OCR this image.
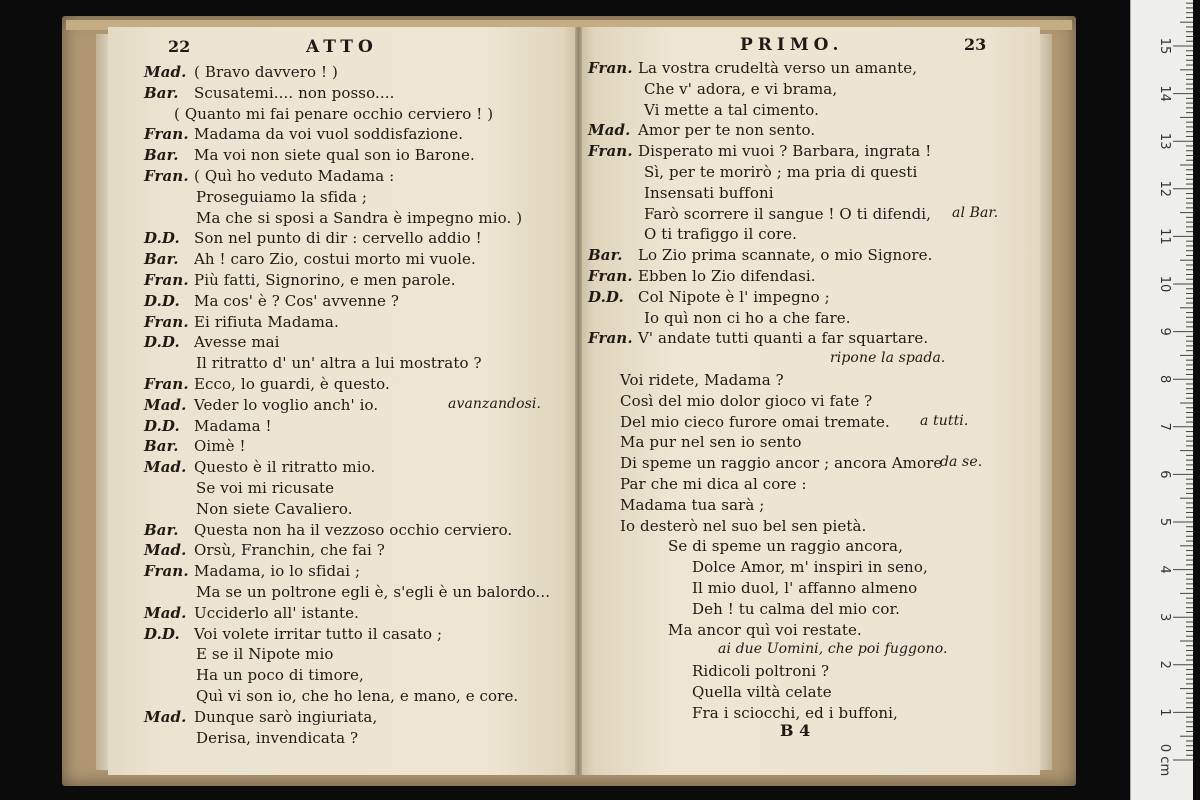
22	ATTO
Mad. ( Bravo davvero ! )
Bar. Scusatemi.... non posso....
( Quanto mi fai penare occhio cerviero ! )
Fran. Madama da voi vuol soddisfazione.
Bar. Ma voi non siete qual son io Barone.
Fran. ( Quì ho veduto Madama :
Proseguiamo la sfida ;
Ma che si sposi a Sandra è impegno mio. )
D.D. Son nel punto di dir : cervello addio !
Bar. Ah ! caro Zio, costui morto mi vuole.
Fran. Più fatti, Signorino, e men parole.
D.D. Ma cos' è ? Cos' avvenne ?
Fran. Ei rifiuta Madama.
D.D. Avesse mai
Il ritratto d' un' altra a lui mostrato ?
Fran. Ecco, lo guardi, è questo.
Mad. Veder lo voglio anch' io.	avanzandosi.
D.D. Madama !
Bar. Oimè !
Mad. Questo è il ritratto mio.
Se voi mi ricusate
Non siete Cavaliero.
Bar. Questa non ha il vezzoso occhio cerviero.
Mad. Orsù, Franchin, che fai ?
Fran. Madama, io lo sfidai ;
Ma se un poltrone egli è, s'egli è un balordo...
Mad. Ucciderlo all' istante.
D.D. Voi volete irritar tutto il casato ;
E se il Nipote mio
Ha un poco di timore,
Quì vi son io, che ho lena, e mano, e core.
Mad. Dunque sarò ingiuriata,
Derisa, invendicata ?
PRIMO.	23
B 4
Fran. La vostra crudeltà verso un amante,
Che v' adora, e vi brama,
Vi mette a tal cimento.
Mad. Amor per te non sento.
Fran. Disperato mi vuoi ? Barbara, ingrata !
Sì, per te morirò ; ma pria di questi
Insensati buffoni
Farò scorrere il sangue ! O ti difendi, al Bar.
O ti trafiggo il core.
Bar. Lo Zio prima scannate, o mio Signore.
Fran. Ebben lo Zio difendasi.
D.D. Col Nipote è l' impegno ;
Io quì non ci ho a che fare.
Fran. V' andate tutti quanti a far squartare.
ripone la spada.
Voi ridete, Madama ?
Così del mio dolor gioco vi fate ?
Del mio cieco furore omai tremate. a tutti.
Ma pur nel sen io sento
Di speme un raggio ancor ; ancora Amore
da se.
Par che mi dica al core :
Madama tua sarà ;
Io desterò nel suo bel sen pietà.
Se di speme un raggio ancora,
Dolce Amor, m' inspiri in seno,
Il mio duol, l' affanno almeno
Deh ! tu calma del mio cor.
Ma ancor quì voi restate.
ai due Uomini, che poi fuggono.
Ridicoli poltroni ?
Quella viltà celate
Fra i sciocchi, ed i buffoni,
0 cm
1
2
3
4
5
6
7
8
9
10
11
12
13
14
15
